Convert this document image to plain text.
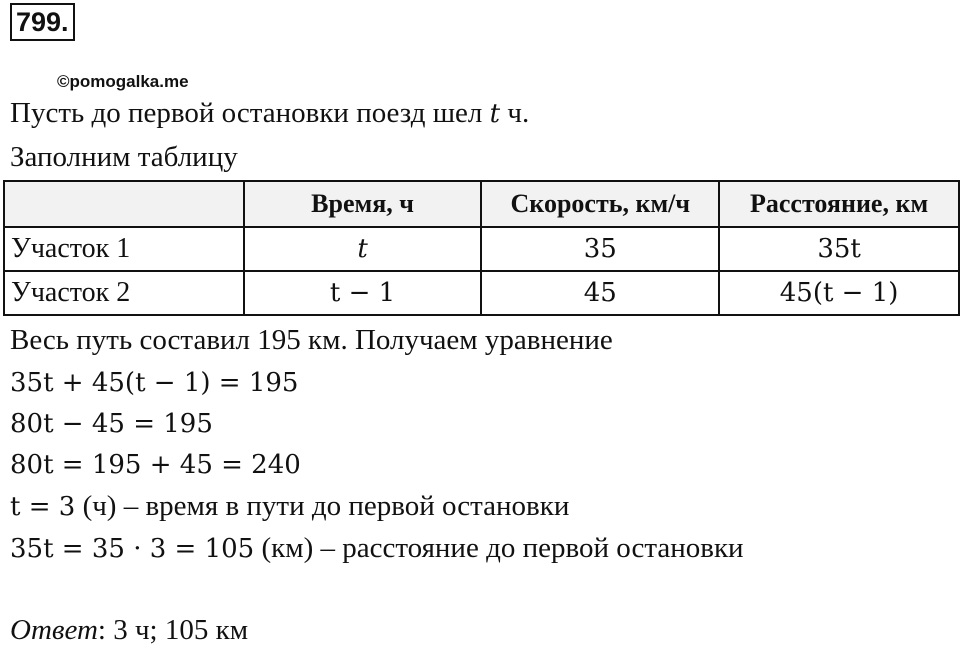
799.
©pomogalka.me
Пусть до первой остановки поезд шел t ч.
Заполним таблицу
	Время, ч	Скорость, км/ч	Расстояние, км
Участок 1	t	35	35t
Участок 2	t − 1	45	45(t − 1)
Весь путь составил 195 км. Получаем уравнение
35t + 45(t − 1) = 195
80t − 45 = 195
80t = 195 + 45 = 240
t = 3 (ч) – время в пути до первой остановки
35t = 35 · 3 = 105 (км) – расстояние до первой остановки
Ответ: 3 ч; 105 км
